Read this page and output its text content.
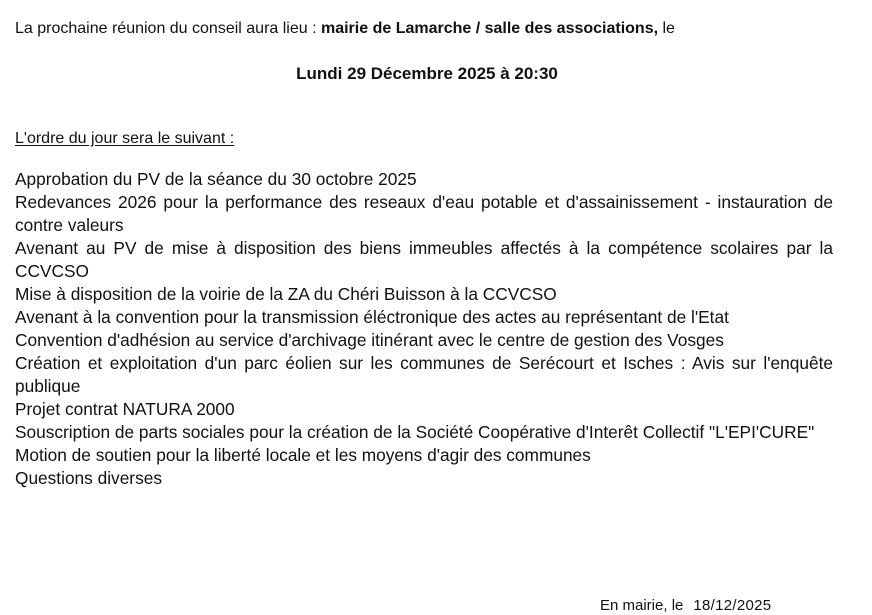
La prochaine réunion du conseil aura lieu : mairie de Lamarche / salle des associations, le
Lundi 29 Décembre 2025 à 20:30
L'ordre du jour sera le suivant :
Approbation du PV de la séance du 30 octobre 2025
Redevances 2026 pour la performance des reseaux d'eau potable et d'assainissement - instauration de contre valeurs
Avenant au PV de mise à disposition des biens immeubles affectés à la compétence scolaires par la CCVCSO
Mise à disposition de la voirie de la ZA du Chéri Buisson à la CCVCSO
Avenant à la convention pour la transmission éléctronique des actes au représentant de l'Etat
Convention d'adhésion au service d'archivage itinérant avec le centre de gestion des Vosges
Création et exploitation d'un parc éolien sur les communes de Serécourt et Isches : Avis sur l'enquête publique
Projet contrat NATURA 2000
Souscription de parts sociales pour la création de la Société Coopérative d'Interêt Collectif "L'EPI'CURE"
Motion de soutien pour la liberté locale et les moyens d'agir des communes
Questions diverses
En mairie, le 18/12/2025
